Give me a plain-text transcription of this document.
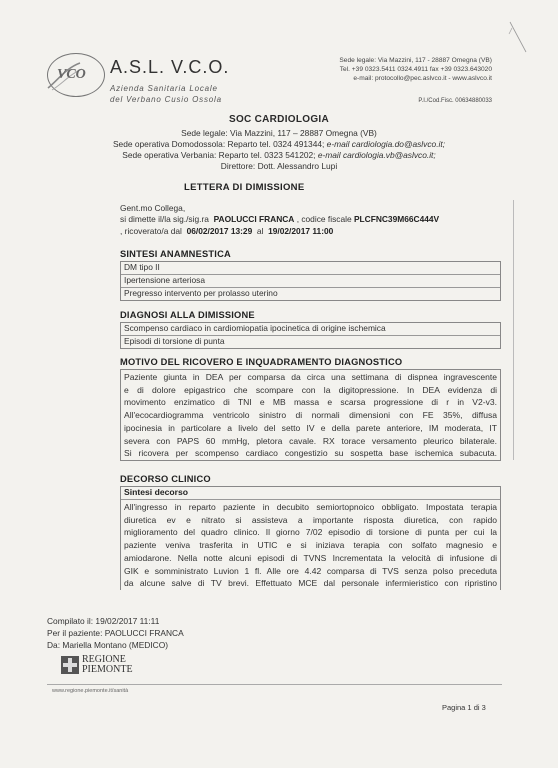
VCO A.S.L. V.C.O.
Azienda Sanitaria Locale
del Verbano Cusio Ossola
Sede legale: Via Mazzini, 117 - 28887 Omegna (VB)
Tel. +39 0323.5411 0324.4911 fax +39 0323.643020
e-mail: protocollo@pec.aslvco.it - www.aslvco.it
P.I./Cod.Fisc. 00634880033
SOC CARDIOLOGIA
Sede legale: Via Mazzini, 117 – 28887 Omegna (VB)
Sede operativa Domodossola: Reparto tel. 0324 491344; e-mail cardiologia.do@aslvco.it;
Sede operativa Verbania: Reparto tel. 0323 541202; e-mail cardiologia.vb@aslvco.it;
Direttore: Dott. Alessandro Lupi
LETTERA DI DIMISSIONE
Gent.mo Collega,
si dimette il/la sig./sig.ra PAOLUCCI FRANCA , codice fiscale PLCFNC39M66C444V
, ricoverato/a dal 06/02/2017 13:29 al 19/02/2017 11:00
SINTESI ANAMNESTICA
DM tipo II
Ipertensione arteriosa
Pregresso intervento per prolasso uterino
DIAGNOSI ALLA DIMISSIONE
Scompenso cardiaco in cardiomiopatia ipocinetica di origine ischemica
Episodi di torsione di punta
MOTIVO DEL RICOVERO E INQUADRAMENTO DIAGNOSTICO
Paziente giunta in DEA per comparsa da circa una settimana di dispnea ingravescente
e di dolore epigastrico che scompare con la digitopressione. In DEA evidenza di
movimento enzimatico di TNI e MB massa e scarsa progressione di r in V2-v3.
All'ecocardiogramma ventricolo sinistro di normali dimensioni con FE 35%, diffusa
ipocinesia in particolare a livelo del setto IV e della parete anteriore, IM moderata, IT
severa con PAPS 60 mmHg, pletora cavale. RX torace versamento pleurico bilaterale.
Si ricovera per scompenso cardiaco congestizio su sospetta base ischemica subacuta.
DECORSO CLINICO
Sintesi decorso
All'ingresso in reparto paziente in decubito semiortopnoico obbligato. Impostata terapia
diuretica ev e nitrato si assisteva a importante risposta diuretica, con rapido
miglioramento del quadro clinico. Il giorno 7/02 episodio di torsione di punta per cui la
paziente veniva trasferita in UTIC e si iniziava terapia con solfato magnesio e
amiodarone. Nella notte alcuni episodi di TVNS Incrementata la velocità di infusione di
GIK e somministrato Luvion 1 fl. Alle ore 4.42 comparsa di TVS senza polso preceduta
da alcune salve di TV brevi. Effettuato MCE dal personale infermieristico con ripristino
Compilato il: 19/02/2017 11:11
Per il paziente: PAOLUCCI FRANCA
Da: Mariella Montano (MEDICO)
REGIONE
PIEMONTE
www.regione.piemonte.it/sanità
Pagina 1 di 3
